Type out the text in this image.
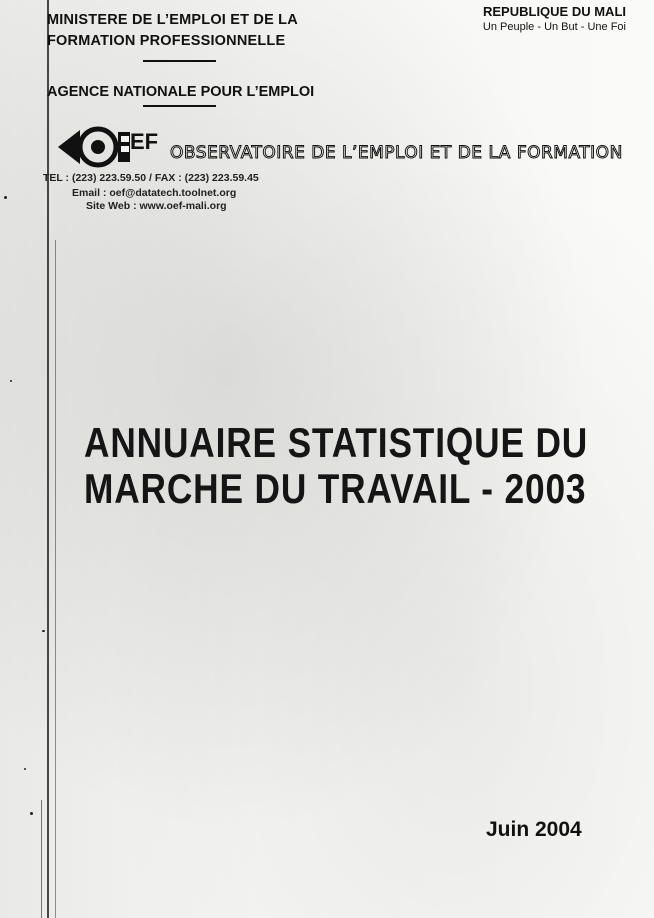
MINISTERE DE L’EMPLOI ET DE LA
FORMATION PROFESSIONNELLE
AGENCE NATIONALE POUR L’EMPLOI
REPUBLIQUE DU MALI
Un Peuple - Un But - Une Foi
EF OBSERVATOIRE DE L’EMPLOI ET DE LA FORMATION
TEL : (223) 223.59.50 / FAX : (223) 223.59.45
Email : oef@datatech.toolnet.org
Site Web : www.oef-mali.org
ANNUAIRE STATISTIQUE DU
MARCHE DU TRAVAIL - 2003
Juin 2004
